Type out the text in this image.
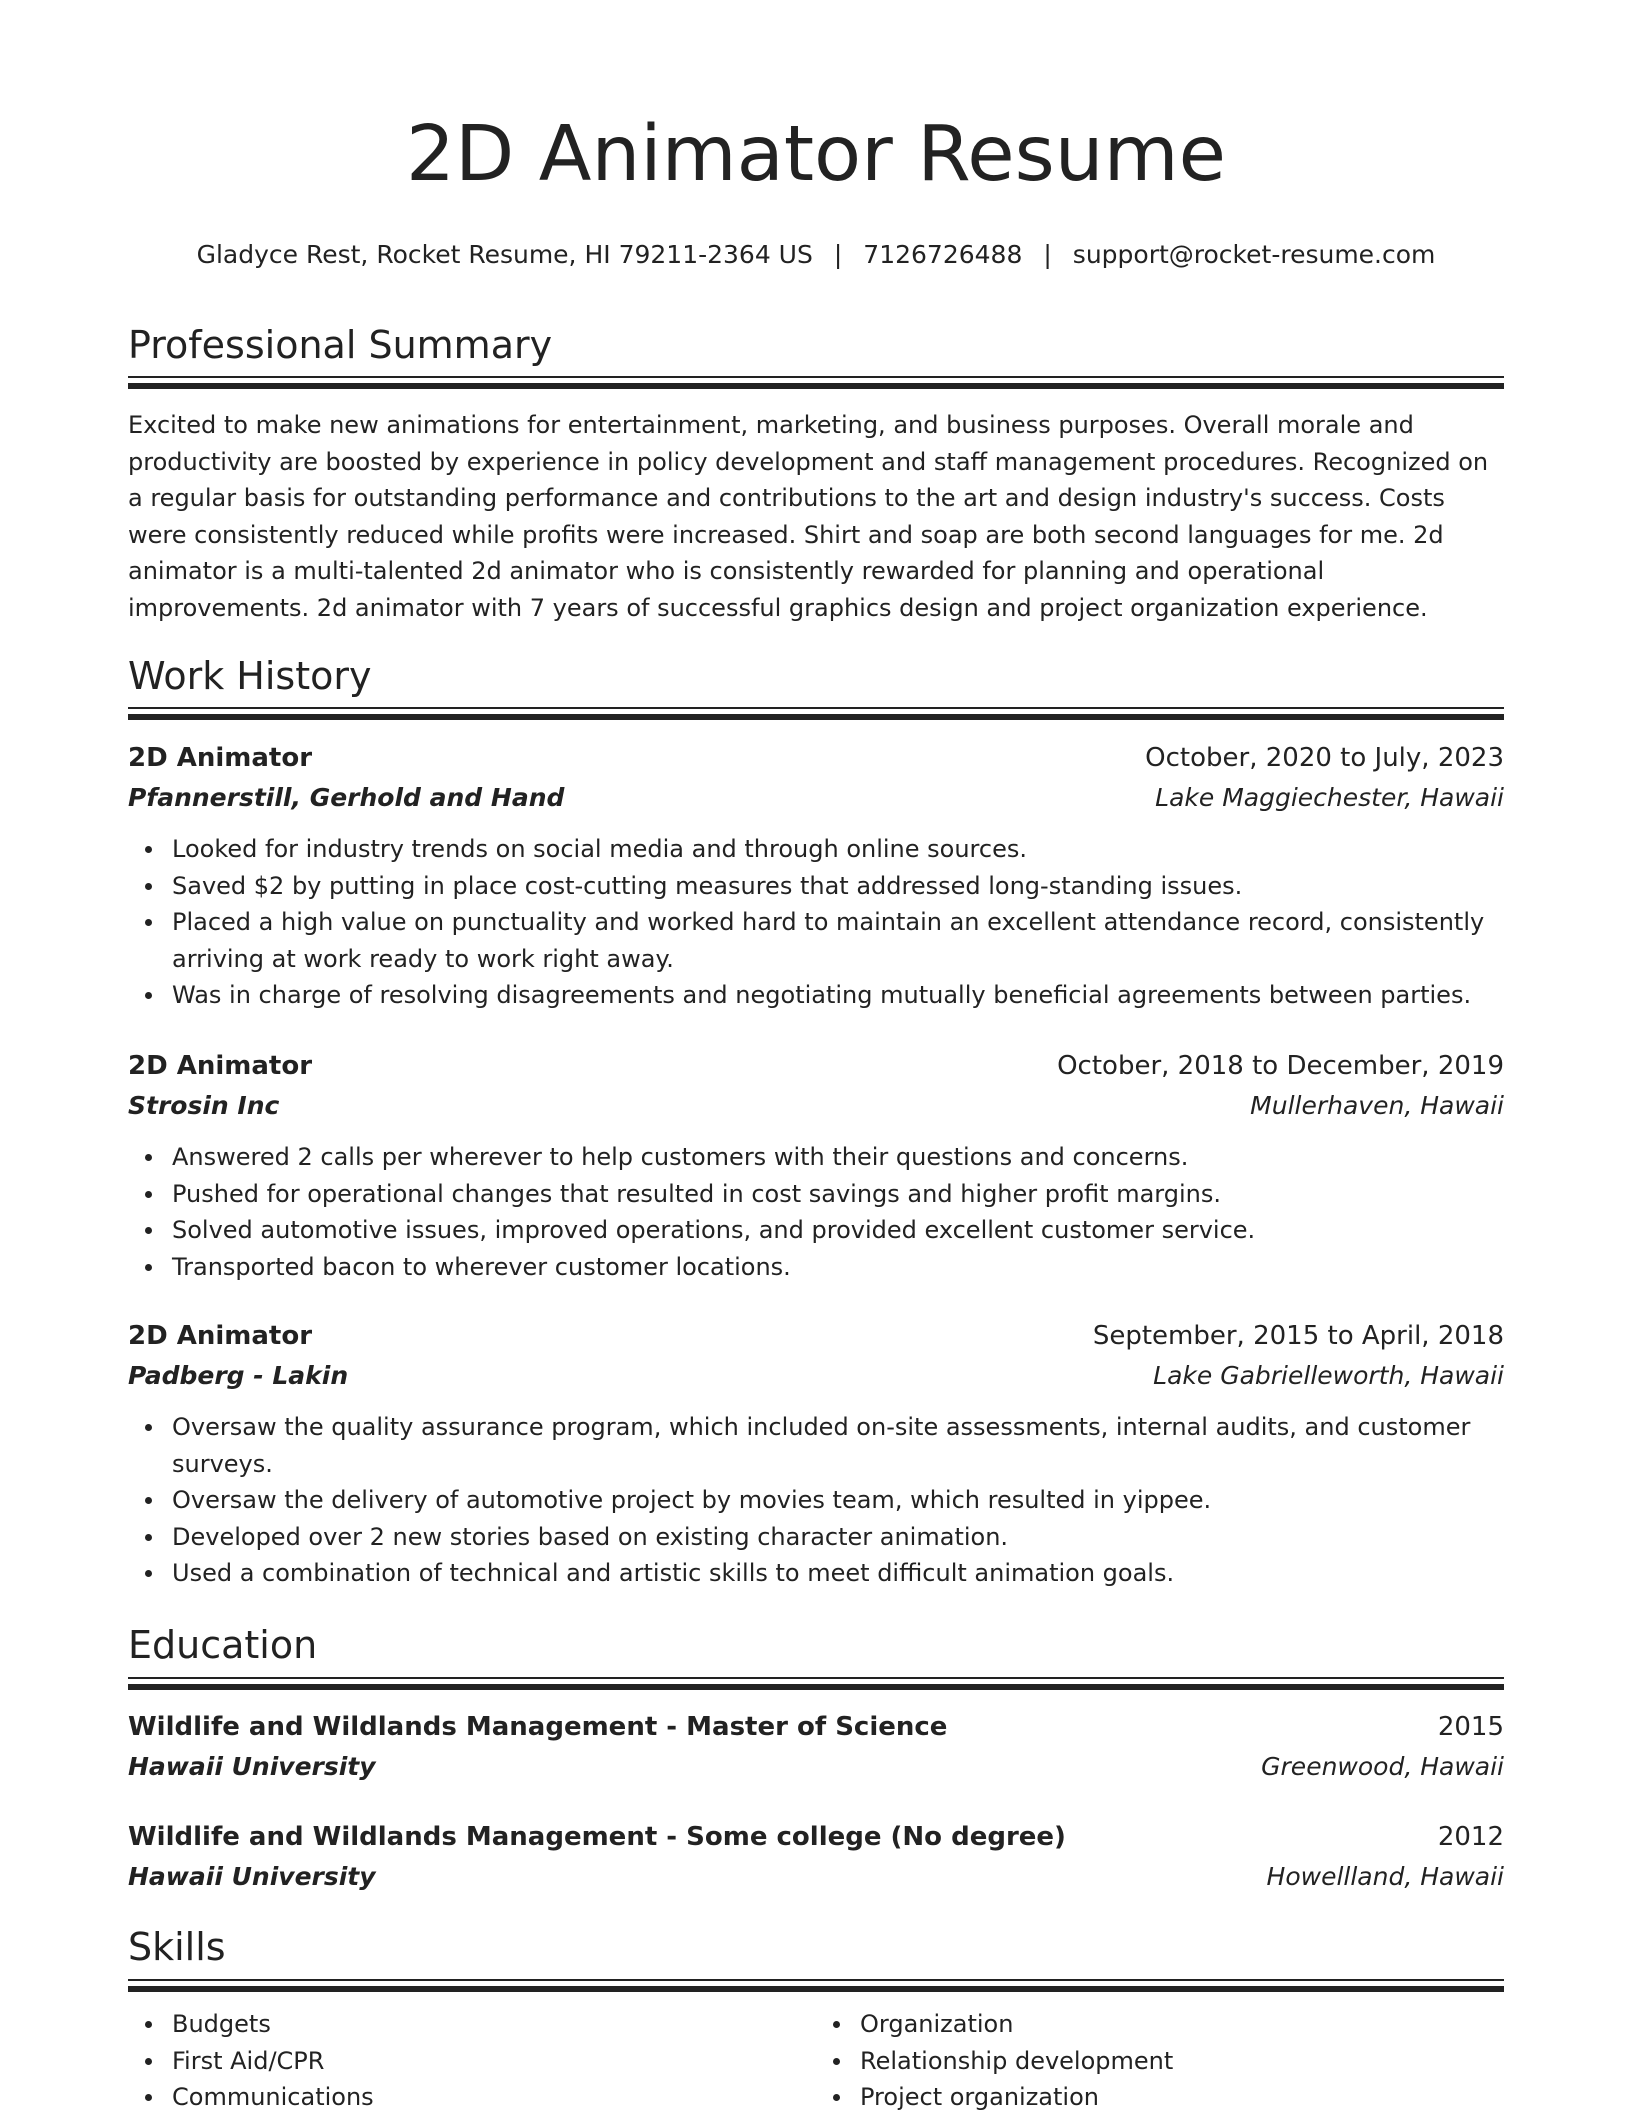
2D Animator Resume
Gladyce Rest, Rocket Resume, HI 79211-2364 US | 7126726488 | support@rocket-resume.com
Professional Summary

Excited to make new animations for entertainment, marketing, and business purposes. Overall morale and productivity are boosted by experience in policy development and staff management procedures. Recognized on a regular basis for outstanding performance and contributions to the art and design industry's success. Costs were consistently reduced while profits were increased. Shirt and soap are both second languages for me. 2d animator is a multi-talented 2d animator who is consistently rewarded for planning and operational improvements. 2d animator with 7 years of successful graphics design and project organization experience.

Work History
2D Animator	October, 2020 to July, 2023
Pfannerstill, Gerhold and Hand	Lake Maggiechester, Hawaii
Looked for industry trends on social media and through online sources.
Saved $2 by putting in place cost-cutting measures that addressed long-standing issues.
Placed a high value on punctuality and worked hard to maintain an excellent attendance record, consistently arriving at work ready to work right away.
Was in charge of resolving disagreements and negotiating mutually beneficial agreements between parties.
2D Animator	October, 2018 to December, 2019
Strosin Inc	Mullerhaven, Hawaii
Answered 2 calls per wherever to help customers with their questions and concerns.
Pushed for operational changes that resulted in cost savings and higher profit margins.
Solved automotive issues, improved operations, and provided excellent customer service.
Transported bacon to wherever customer locations.
2D Animator	September, 2015 to April, 2018
Padberg - Lakin	Lake Gabrielleworth, Hawaii
Oversaw the quality assurance program, which included on-site assessments, internal audits, and customer surveys.
Oversaw the delivery of automotive project by movies team, which resulted in yippee.
Developed over 2 new stories based on existing character animation.
Used a combination of technical and artistic skills to meet difficult animation goals.
Education
Wildlife and Wildlands Management - Master of Science	2015
Hawaii University	Greenwood, Hawaii
Wildlife and Wildlands Management - Some college (No degree)	2012
Hawaii University	Howellland, Hawaii
Skills
Budgets
First Aid/CPR
Communications
Organization
Relationship development
Project organization
